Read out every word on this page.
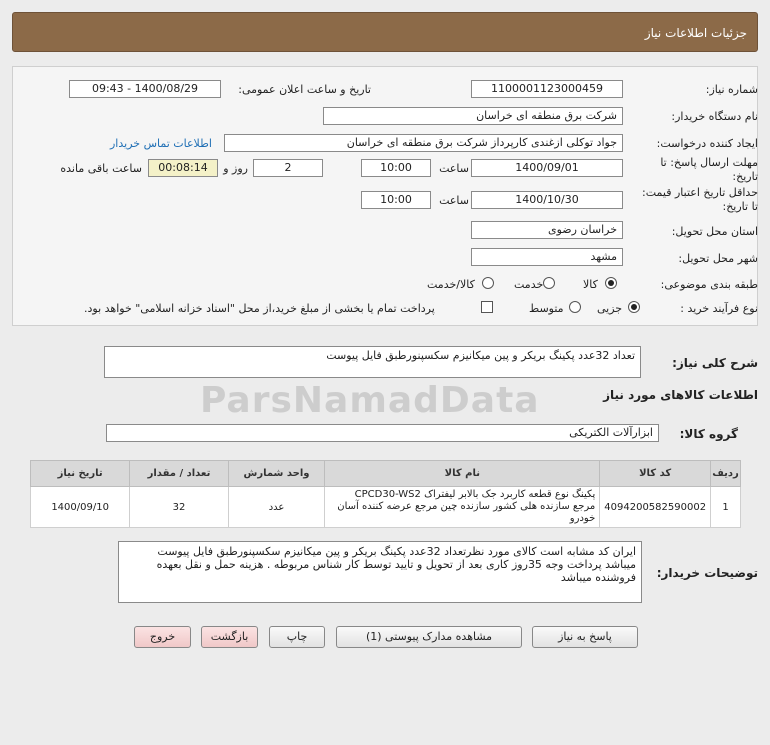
جزئیات اطلاعات نیاز
شماره نیاز:
1100001123000459
تاریخ و ساعت اعلان عمومی:
1400/08/29 - 09:43
نام دستگاه خریدار:
شرکت برق منطقه ای خراسان
ایجاد کننده درخواست:
جواد توکلی ازغندی کارپرداز شرکت برق منطقه ای خراسان
اطلاعات تماس خریدار
مهلت ارسال پاسخ: تا تاریخ:
1400/09/01
ساعت
10:00
2
روز و
00:08:14
ساعت باقی مانده
حداقل تاریخ اعتبار قیمت: تا تاریخ:
1400/10/30
ساعت
10:00
استان محل تحویل:
خراسان رضوی
شهر محل تحویل:
مشهد
طبقه بندی موضوعی:
کالا
خدمت
کالا/خدمت
نوع فرآیند خرید :
جزیی
متوسط
پرداخت تمام یا بخشی از مبلغ خرید،از محل "اسناد خزانه اسلامی" خواهد بود.
شرح کلی نیاز:
تعداد 32عدد پکینگ بریکر و پین میکانیزم سکسپنورطبق فایل پیوست
ParsNamadData	اطلاعات کالاهای مورد نیاز
گروه کالا:
ابزارآلات الکتریکی
ردیف	کد کالا	نام کالا	واحد شمارش	تعداد / مقدار	تاریخ نیاز
1	4094200582590002	پکینگ نوع قطعه کاربرد جک بالابر لیفتراک CPCD30-WS2 مرجع سازنده هلی کشور سازنده چین مرجع عرضه کننده آسان خودرو	عدد	32	1400/09/10
توضیحات خریدار:
ایران کد مشابه است کالای مورد نظرتعداد 32عدد پکینگ بریکر و پین میکانیزم سکسپنورطبق فایل پیوست میباشد پرداخت وجه 35روز کاری بعد از تحویل و تایید توسط کار شناس مربوطه . هزینه حمل و نقل بعهده فروشنده میباشد
پاسخ به نیاز
مشاهده مدارک پیوستی (1)
چاپ
بازگشت
خروج
